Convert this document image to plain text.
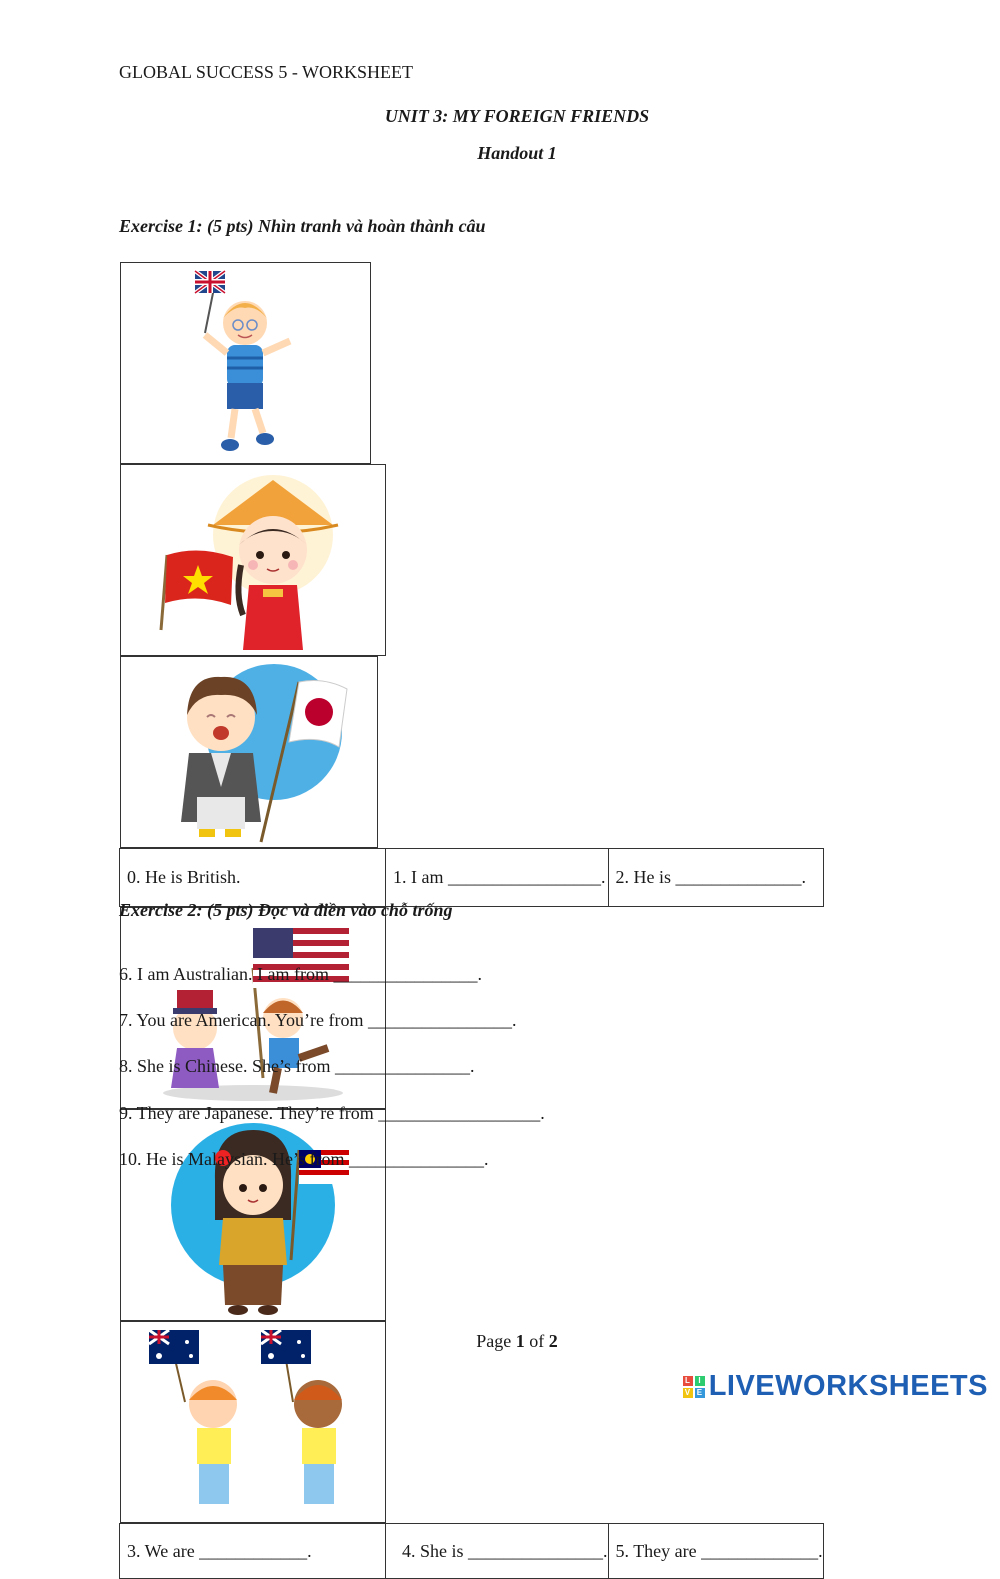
GLOBAL SUCCESS 5 - WORKSHEET
UNIT 3: MY FOREIGN FRIENDS
Handout 1
Exercise 1: (5 pts) Nhìn tranh và hoàn thành câu

0. He is British.	1. I am _________________.	2. He is ______________.

3. We are ____________.	4. She is _______________.	5. They are _____________.
Exercise 2: (5 pts) Đọc và điền vào chỗ trống
6. I am Australian. I am from ________________.
7. You are American. You’re from ________________.
8. She is Chinese. She’s from _______________.
9. They are Japanese. They’re from __________________.
10. He is Malaysian. He’s from _______________.
Page 1 of 2
L I
V E LIVEWORKSHEETS
